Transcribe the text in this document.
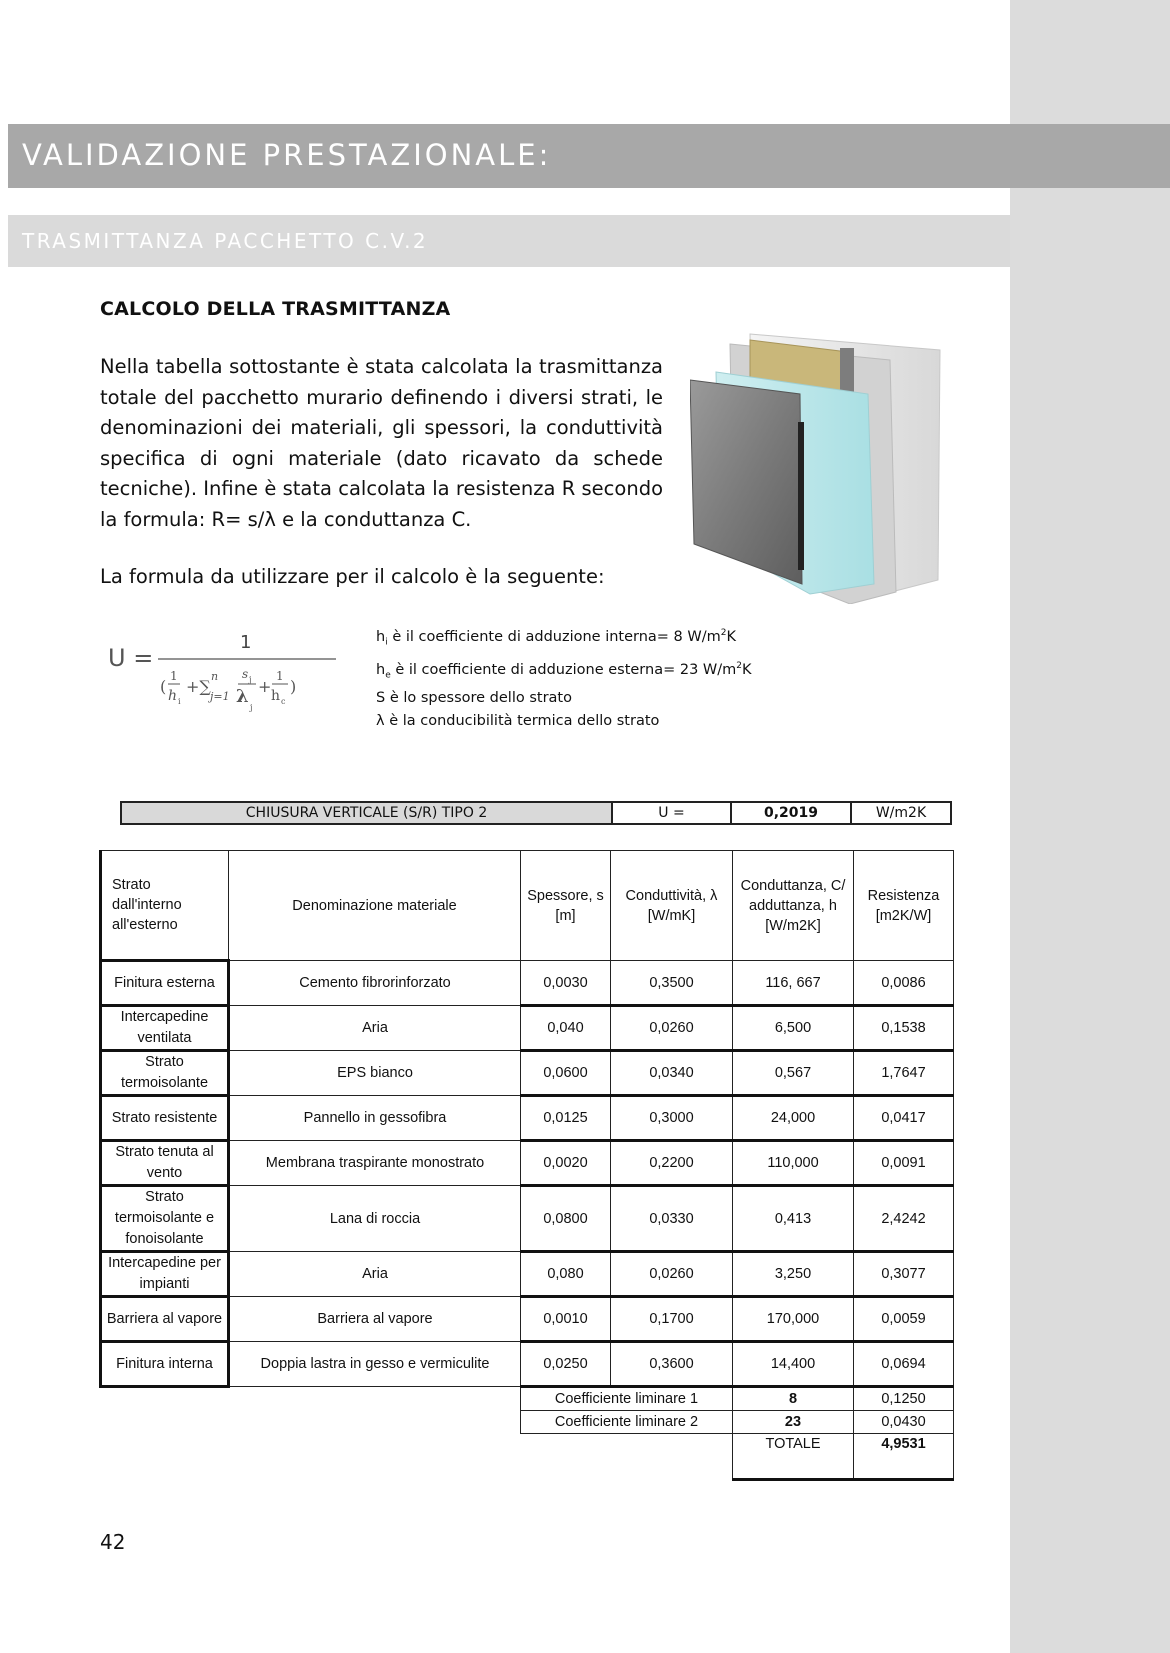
VALIDAZIONE PRESTAZIONALE:
TRASMITTANZA PACCHETTO C.V.2
CALCOLO DELLA TRASMITTANZA
Nella tabella sottostante è stata calcolata la trasmittanza totale del pacchetto murario definendo i diversi strati, le denominazioni dei materiali, gli spessori, la conduttività specifica di ogni materiale (dato ricavato da schede tecniche). Infine è stata calcolata la resistenza R secondo la formula: R= s/λ e la conduttanza C.
La formula da utilizzare per il calcolo è la seguente:
U =
1
(
1
h i
+∑
n
j=1
s j
λ
j
+
1
h c
)
$h_i$ è il coefficiente di adduzione interna= 8 $W/m^2K$
$h_e$ è il coefficiente di adduzione esterna= 23 $W/m^2K$
S è lo spessore dello strato
λ è la conducibilità termica dello strato
CHIUSURA VERTICALE (S/R) TIPO 2	U =	0,2019	W/m2K
Strato dall'interno all'esterno	Denominazione materiale	Spessore, s [m]	Conduttività, λ [W/mK]	Conduttanza, C/ adduttanza, h [W/m2K]	Resistenza [m2K/W]
Finitura esterna	Cemento fibrorinforzato	0,0030	0,3500	116, 667	0,0086
Intercapedine ventilata	Aria	0,040	0,0260	6,500	0,1538
Strato termoisolante	EPS bianco	0,0600	0,0340	0,567	1,7647
Strato resistente	Pannello in gessofibra	0,0125	0,3000	24,000	0,0417
Strato tenuta al vento	Membrana traspirante monostrato	0,0020	0,2200	110,000	0,0091
Strato termoisolante e fonoisolante	Lana di roccia	0,0800	0,0330	0,413	2,4242
Intercapedine per impianti	Aria	0,080	0,0260	3,250	0,3077
Barriera al vapore	Barriera al vapore	0,0010	0,1700	170,000	0,0059
Finitura interna	Doppia lastra in gesso e vermiculite	0,0250	0,3600	14,400	0,0694
		Coefficiente liminare 1		8	0,1250
		Coefficiente liminare 2		23	0,0430
				TOTALE	4,9531
42
